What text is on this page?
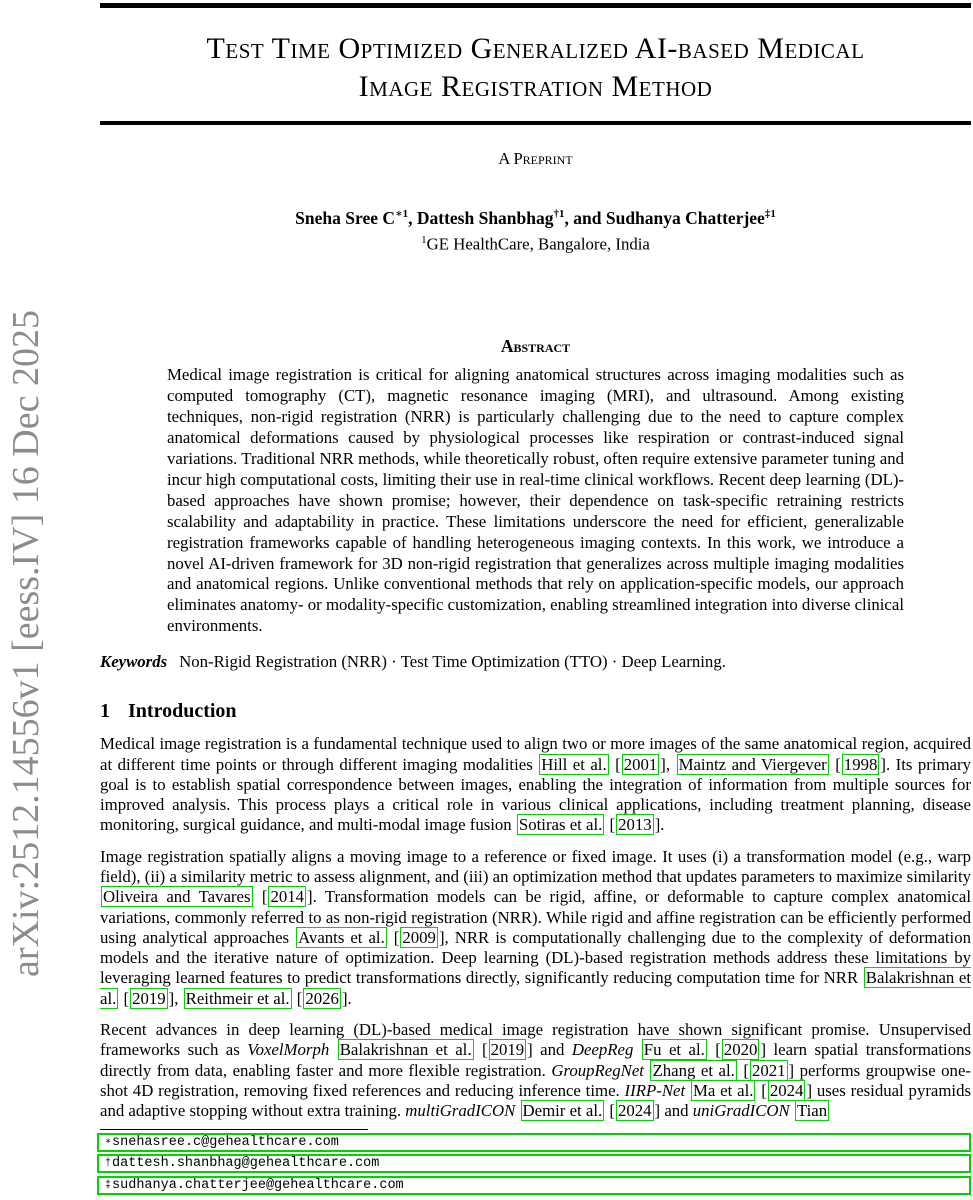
arXiv:2512.14556v1 [eess.IV] 16 Dec 2025
Test Time Optimized Generalized AI-based Medical
Image Registration Method
A Preprint
Sneha Sree $C^{∗1}$, Dattesh Shanbhag$^{\dagger 1}$, and Sudhanya Chatterjee$^{\ddagger 1}$
$^1$GE HealthCare, Bangalore, India
Abstract
Medical image registration is critical for aligning anatomical structures across imaging modalities such as computed tomography (CT), magnetic resonance imaging (MRI), and ultrasound. Among existing techniques, non-rigid registration (NRR) is particularly challenging due to the need to capture complex anatomical deformations caused by physiological processes like respiration or contrast-induced signal variations. Traditional NRR methods, while theoretically robust, often require extensive parameter tuning and incur high computational costs, limiting their use in real-time clinical workflows. Recent deep learning (DL)-based approaches have shown promise; however, their dependence on task-specific retraining restricts scalability and adaptability in practice. These limitations underscore the need for efficient, generalizable registration frameworks capable of handling heterogeneous imaging contexts. In this work, we introduce a novel AI-driven framework for 3D non-rigid registration that generalizes across multiple imaging modalities and anatomical regions. Unlike conventional methods that rely on application-specific models, our approach eliminates anatomy- or modality-specific customization, enabling streamlined integration into diverse clinical environments.
Keywords Non-Rigid Registration (NRR) · Test Time Optimization (TTO) · Deep Learning.
1 Introduction

Medical image registration is a fundamental technique used to align two or more images of the same anatomical region, acquired at different time points or through different imaging modalities Hill et al. [ 2001 ], Maintz and Viergever [ 1998 ]. Its primary goal is to establish spatial correspondence between images, enabling the integration of information from multiple sources for improved analysis. This process plays a critical role in various clinical applications, including treatment planning, disease monitoring, surgical guidance, and multi-modal image fusion Sotiras et al. [ 2013 ].

Image registration spatially aligns a moving image to a reference or fixed image. It uses (i) a transformation model (e.g., warp field), (ii) a similarity metric to assess alignment, and (iii) an optimization method that updates parameters to maximize similarity Oliveira and Tavares [ 2014 ]. Transformation models can be rigid, affine, or deformable to capture complex anatomical variations, commonly referred to as non-rigid registration (NRR). While rigid and affine registration can be efficiently performed using analytical approaches Avants et al. [ 2009 ], NRR is computationally challenging due to the complexity of deformation models and the iterative nature of optimization. Deep learning (DL)-based registration methods address these limitations by leveraging learned features to predict transformations directly, significantly reducing computation time for NRR Balakrishnan et al. [ 2019 ], Reithmeir et al. [ 2026 ].

Recent advances in deep learning (DL)-based medical image registration have shown significant promise. Unsupervised frameworks such as VoxelMorph Balakrishnan et al. [ 2019 ] and DeepReg Fu et al. [ 2020 ] learn spatial transformations directly from data, enabling faster and more flexible registration. GroupRegNet Zhang et al. [ 2021 ] performs groupwise one-shot 4D registration, removing fixed references and reducing inference time. IIRP-Net Ma et al. [ 2024 ] uses residual pyramids and adaptive stopping without extra training. multiGradICON Demir et al. [ 2024 ] and uniGradICON Tian

∗ snehasree.c@gehealthcare.com
† dattesh.shanbhag@gehealthcare.com
‡ sudhanya.chatterjee@gehealthcare.com
